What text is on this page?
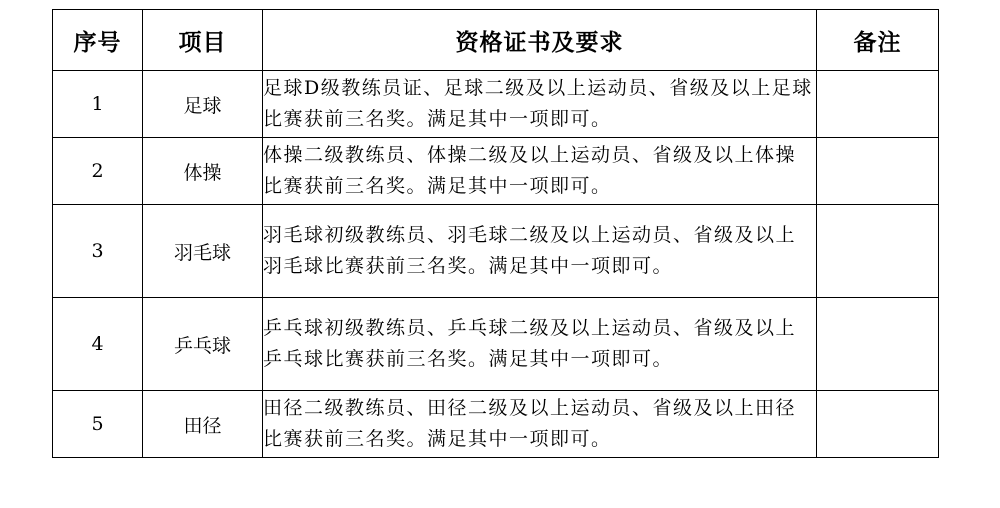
序号	项目	资格证书及要求	备注
1	足球	足球D级教练员证、足球二级及以上运动员、省级及以上足球比赛获前三名奖。满足其中一项即可。	
2	体操	体操二级教练员、体操二级及以上运动员、省级及以上体操比赛获前三名奖。满足其中一项即可。	
3	羽毛球	羽毛球初级教练员、羽毛球二级及以上运动员、省级及以上羽毛球比赛获前三名奖。满足其中一项即可。	
4	乒乓球	乒乓球初级教练员、乒乓球二级及以上运动员、省级及以上乒乓球比赛获前三名奖。满足其中一项即可。	
5	田径	田径二级教练员、田径二级及以上运动员、省级及以上田径比赛获前三名奖。满足其中一项即可。	
